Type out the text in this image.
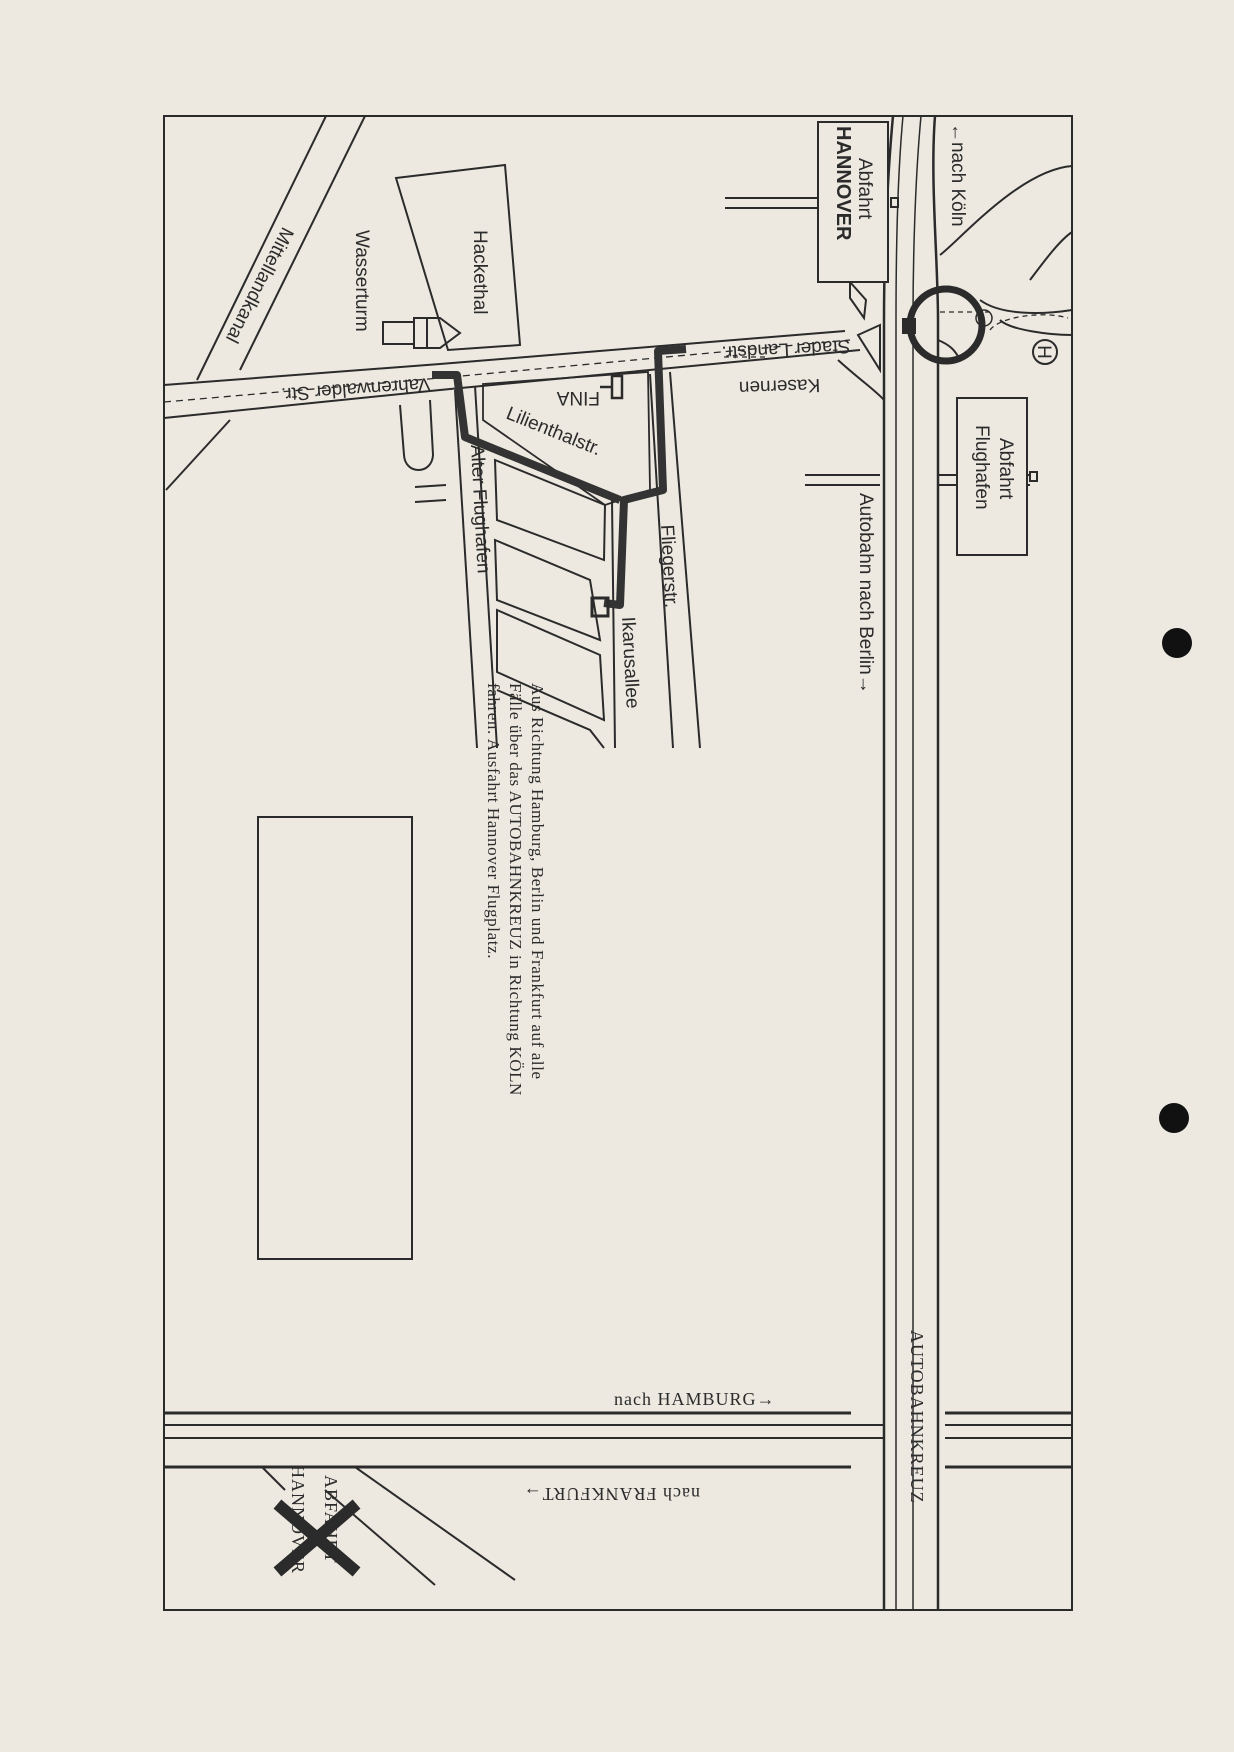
H
←nach Köln
Abfahrt
HANNOVER
Abfahrt
Flughafen
Stader Landstr.
Kasernen
FINA
Lilienthalstr.
Vahrenwalder Str.
Mittellandkanal	Wasserturm	Hackethal
Alter Flughafen	Fliegerstr.
Ikarusallee	Autobahn nach Berlin→
AUTOBAHNKREUZ
nach HAMBURG→
nach FRANKFURT→
ABFAHRT
HANNOVER
Aus Richtung Hamburg, Berlin und Frankfurt auf alle Fälle über das AUTOBAHNKREUZ in Richtung KÖLN fahren. Ausfahrt Hannover Flugplatz.
